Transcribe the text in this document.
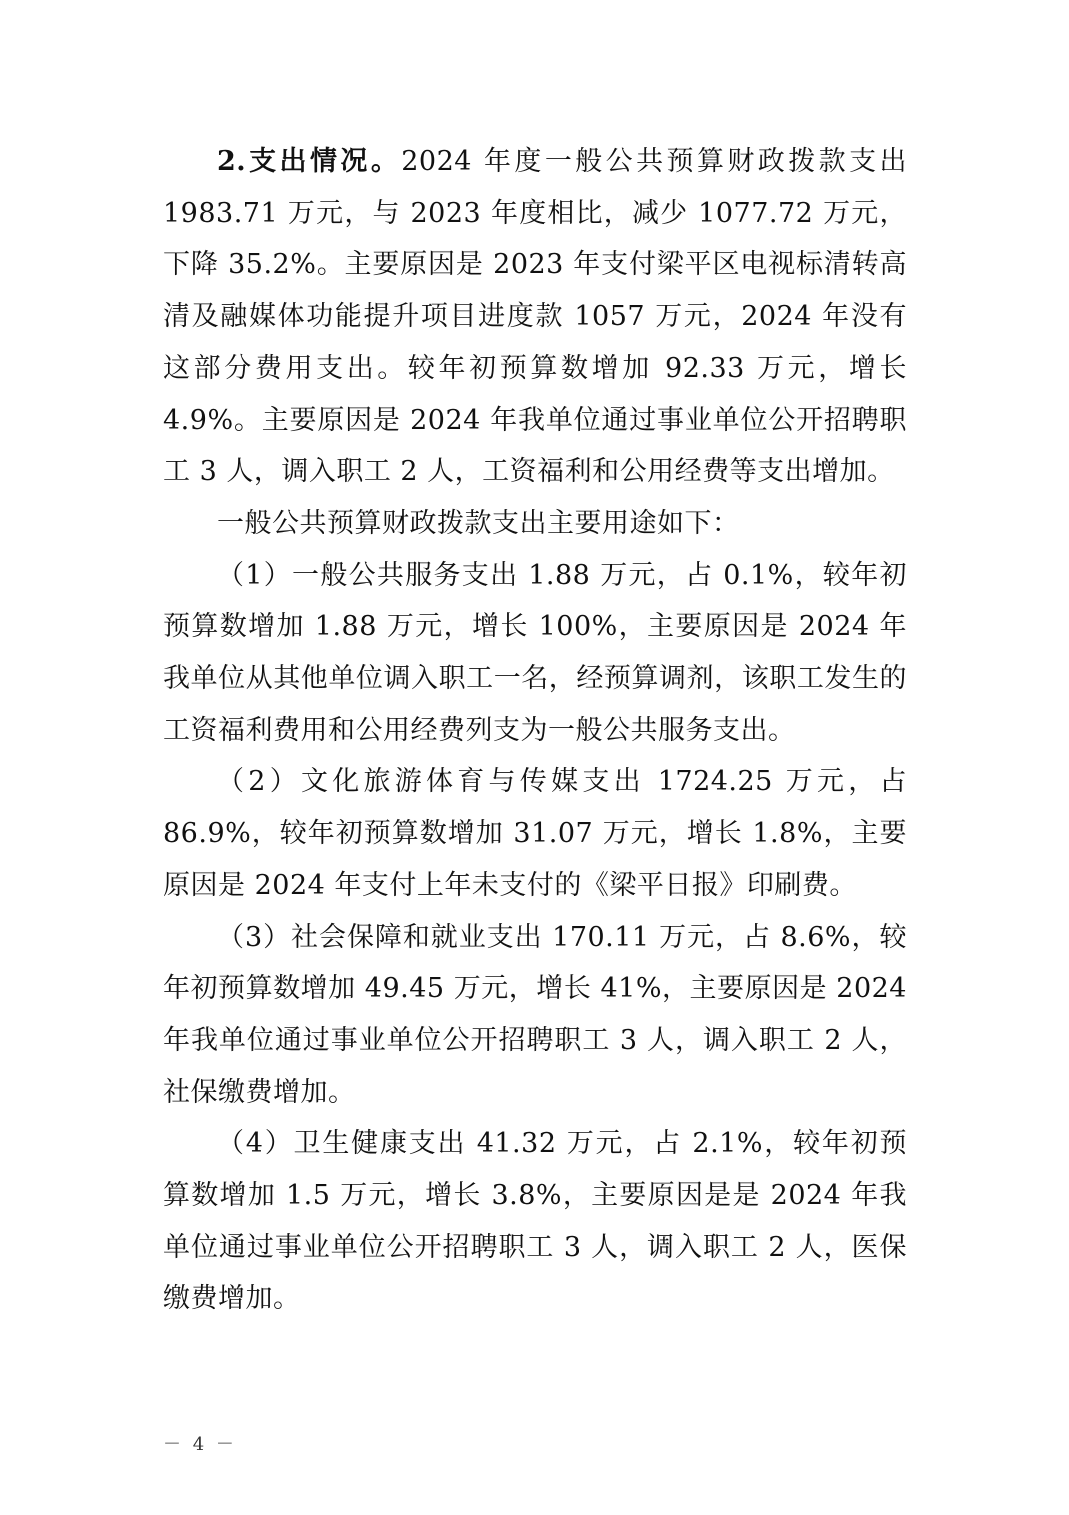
2.支出情况。2024 年度一般公共预算财政拨款支出 1983.71 万元，与 2023 年度相比，减少 1077.72 万元，下降 35.2%。主要原因是 2023 年支付梁平区电视标清转高清及融媒体功能提升项目进度款 1057 万元，2024 年没有这部分费用支出。较年初预算数增加 92.33 万元，增长 4.9%。主要原因是 2024 年我单位通过事业单位公开招聘职工 3 人，调入职工 2 人，工资福利和公用经费等支出增加。

一般公共预算财政拨款支出主要用途如下：

（1）一般公共服务支出 1.88 万元，占 0.1%，较年初预算数增加 1.88 万元，增长 100%，主要原因是 2024 年我单位从其他单位调入职工一名，经预算调剂，该职工发生的工资福利费用和公用经费列支为一般公共服务支出。

（2）文化旅游体育与传媒支出 1724.25 万元，占 86.9%，较年初预算数增加 31.07 万元，增长 1.8%，主要原因是 2024 年支付上年未支付的《梁平日报》印刷费。

（3）社会保障和就业支出 170.11 万元，占 8.6%，较年初预算数增加 49.45 万元，增长 41%，主要原因是 2024 年我单位通过事业单位公开招聘职工 3 人，调入职工 2 人，社保缴费增加。

（4）卫生健康支出 41.32 万元，占 2.1%，较年初预算数增加 1.5 万元，增长 3.8%，主要原因是是 2024 年我单位通过事业单位公开招聘职工 3 人，调入职工 2 人，医保缴费增加。

－ 4 －
